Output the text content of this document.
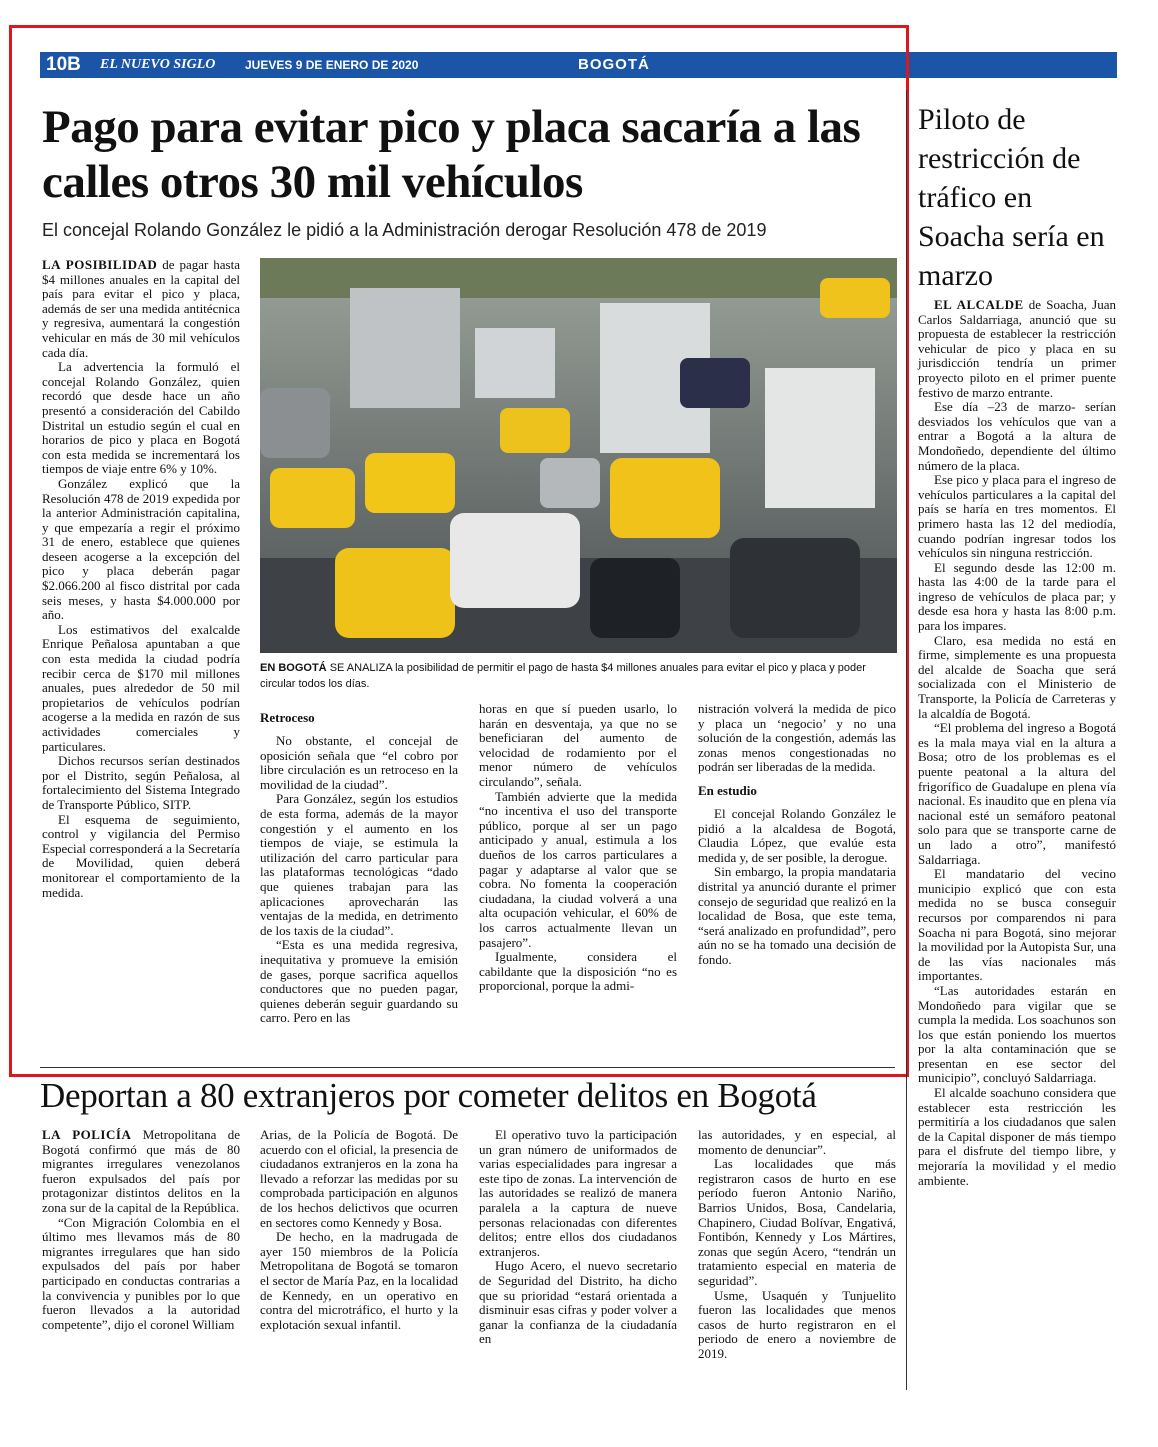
10B EL NUEVO SIGLO JUEVES 9 DE ENERO DE 2020	BOGOTÁ
Pago para evitar pico y placa sacaría a las calles otros 30 mil vehículos
El concejal Rolando González le pidió a la Administración derogar Resolución 478 de 2019

LA POSIBILIDAD de pagar hasta $4 millones anuales en la capital del país para evitar el pico y placa, además de ser una medida antitécnica y regresiva, aumentará la congestión vehicular en más de 30 mil vehículos cada día.

La advertencia la formuló el concejal Rolando González, quien recordó que desde hace un año presentó a consideración del Cabildo Distrital un estudio según el cual en horarios de pico y placa en Bogotá con esta medida se incrementará los tiempos de viaje entre 6% y 10%.

González explicó que la Resolución 478 de 2019 expedida por la anterior Administración capitalina, y que empezaría a regir el próximo 31 de enero, establece que quienes deseen acogerse a la excepción del pico y placa deberán pagar $2.066.200 al fisco distrital por cada seis meses, y hasta $4.000.000 por año.

Los estimativos del exalcalde Enrique Peñalosa apuntaban a que con esta medida la ciudad podría recibir cerca de $170 mil millones anuales, pues alrededor de 50 mil propietarios de vehículos podrían acogerse a la medida en razón de sus actividades comerciales y particulares.

Dichos recursos serían destinados por el Distrito, según Peñalosa, al fortalecimiento del Sistema Integrado de Transporte Público, SITP.

El esquema de seguimiento, control y vigilancia del Permiso Especial corresponderá a la Secretaría de Movilidad, quien deberá monitorear el comportamiento de la medida.

EN BOGOTÁ SE ANALIZA la posibilidad de permitir el pago de hasta $4 millones anuales para evitar el pico y placa y poder circular todos los días.
Retroceso

No obstante, el concejal de oposición señala que “el cobro por libre circulación es un retroceso en la movilidad de la ciudad”.

Para González, según los estudios de esta forma, además de la mayor congestión y el aumento en los tiempos de viaje, se estimula la utilización del carro particular para las plataformas tecnológicas “dado que quienes trabajan para las aplicaciones aprovecharán las ventajas de la medida, en detrimento de los taxis de la ciudad”.

“Esta es una medida regresiva, inequitativa y promueve la emisión de gases, porque sacrifica aquellos conductores que no pueden pagar, quienes deberán seguir guardando su carro. Pero en las

horas en que sí pueden usarlo, lo harán en desventaja, ya que no se beneficiaran del aumento de velocidad de rodamiento por el menor número de vehículos circulando”, señala.

También advierte que la medida “no incentiva el uso del transporte público, porque al ser un pago anticipado y anual, estimula a los dueños de los carros particulares a pagar y adaptarse al valor que se cobra. No fomenta la cooperación ciudadana, la ciudad volverá a una alta ocupación vehicular, el 60% de los carros actualmente llevan un pasajero”.

Igualmente, considera el cabildante que la disposición “no es proporcional, porque la admi-

nistración volverá la medida de pico y placa un ‘negocio’ y no una solución de la congestión, además las zonas menos congestionadas no podrán ser liberadas de la medida.

En estudio

El concejal Rolando González le pidió a la alcaldesa de Bogotá, Claudia López, que evalúe esta medida y, de ser posible, la derogue.

Sin embargo, la propia mandataria distrital ya anunció durante el primer consejo de seguridad que realizó en la localidad de Bosa, que este tema, “será analizado en profundidad”, pero aún no se ha tomado una decisión de fondo.

Deportan a 80 extranjeros por cometer delitos en Bogotá

LA POLICÍA Metropolitana de Bogotá confirmó que más de 80 migrantes irregulares venezolanos fueron expulsados del país por protagonizar distintos delitos en la zona sur de la capital de la República.

“Con Migración Colombia en el último mes llevamos más de 80 migrantes irregulares que han sido expulsados del país por haber participado en conductas contrarias a la convivencia y punibles por lo que fueron llevados a la autoridad competente”, dijo el coronel William

Arias, de la Policía de Bogotá. De acuerdo con el oficial, la presencia de ciudadanos extranjeros en la zona ha llevado a reforzar las medidas por su comprobada participación en algunos de los hechos delictivos que ocurren en sectores como Kennedy y Bosa.

De hecho, en la madrugada de ayer 150 miembros de la Policía Metropolitana de Bogotá se tomaron el sector de María Paz, en la localidad de Kennedy, en un operativo en contra del microtráfico, el hurto y la explotación sexual infantil.

El operativo tuvo la participación un gran número de uniformados de varias especialidades para ingresar a este tipo de zonas. La intervención de las autoridades se realizó de manera paralela a la captura de nueve personas relacionadas con diferentes delitos; entre ellos dos ciudadanos extranjeros.

Hugo Acero, el nuevo secretario de Seguridad del Distrito, ha dicho que su prioridad “estará orientada a disminuir esas cifras y poder volver a ganar la confianza de la ciudadanía en

las autoridades, y en especial, al momento de denunciar”.

Las localidades que más registraron casos de hurto en ese período fueron Antonio Nariño, Barrios Unidos, Bosa, Candelaria, Chapinero, Ciudad Bolívar, Engativá, Fontibón, Kennedy y Los Mártires, zonas que según Acero, “tendrán un tratamiento especial en materia de seguridad”.

Usme, Usaquén y Tunjuelito fueron las localidades que menos casos de hurto registraron en el periodo de enero a noviembre de 2019.

Piloto de restricción de tráfico en Soacha sería en marzo

EL ALCALDE de Soacha, Juan Carlos Saldarriaga, anunció que su propuesta de establecer la restricción vehicular de pico y placa en su jurisdicción tendría un primer proyecto piloto en el primer puente festivo de marzo entrante.

Ese día –23 de marzo- serían desviados los vehículos que van a entrar a Bogotá a la altura de Mondoñedo, dependiente del último número de la placa.

Ese pico y placa para el ingreso de vehículos particulares a la capital del país se haría en tres momentos. El primero hasta las 12 del mediodía, cuando podrían ingresar todos los vehículos sin ninguna restricción.

El segundo desde las 12:00 m. hasta las 4:00 de la tarde para el ingreso de vehículos de placa par; y desde esa hora y hasta las 8:00 p.m. para los impares.

Claro, esa medida no está en firme, simplemente es una propuesta del alcalde de Soacha que será socializada con el Ministerio de Transporte, la Policía de Carreteras y la alcaldía de Bogotá.

“El problema del ingreso a Bogotá es la mala maya vial en la altura a Bosa; otro de los problemas es el puente peatonal a la altura del frigorífico de Guadalupe en plena vía nacional. Es inaudito que en plena vía nacional esté un semáforo peatonal solo para que se transporte carne de un lado a otro”, manifestó Saldarriaga.

El mandatario del vecino municipio explicó que con esta medida no se busca conseguir recursos por comparendos ni para Soacha ni para Bogotá, sino mejorar la movilidad por la Autopista Sur, una de las vías nacionales más importantes.

“Las autoridades estarán en Mondoñedo para vigilar que se cumpla la medida. Los soachunos son los que están poniendo los muertos por la alta contaminación que se presentan en ese sector del municipio”, concluyó Saldarriaga.

El alcalde soachuno considera que establecer esta restricción les permitiría a los ciudadanos que salen de la Capital disponer de más tiempo para el disfrute del tiempo libre, y mejoraría la movilidad y el medio ambiente.
